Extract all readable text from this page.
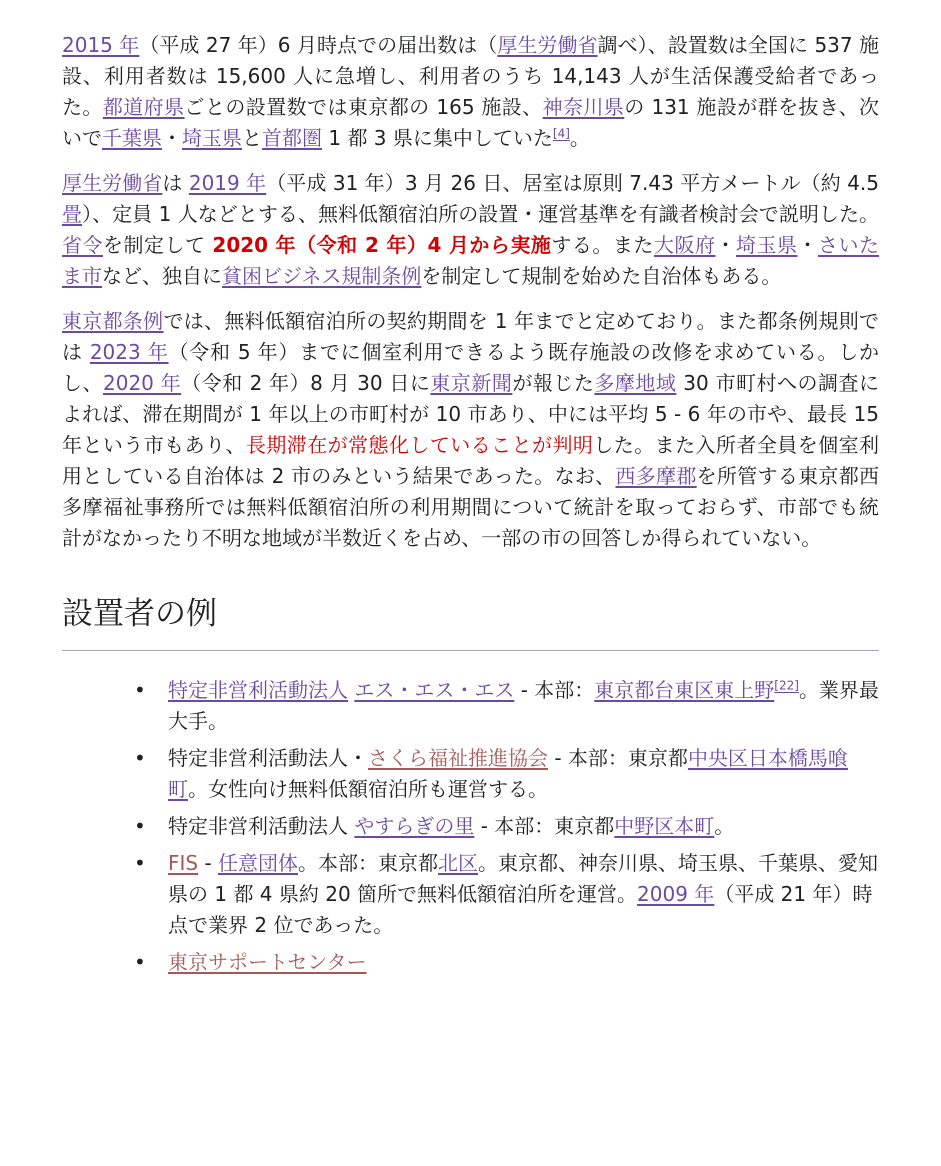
2015 年（平成 27 年）6 月時点での届出数は（厚生労働省調べ）、設置数は全国に 537 施設、利用者数は 15,600 人に急増し、利用者のうち 14,143 人が生活保護受給者であった。都道府県ごとの設置数では東京都の 165 施設、神奈川県の 131 施設が群を抜き、次いで千葉県・埼玉県と首都圏 1 都 3 県に集中していた[4]。

厚生労働省は 2019 年（平成 31 年）3 月 26 日、居室は原則 7.43 平方メートル（約 4.5 畳）、定員 1 人などとする、無料低額宿泊所の設置・運営基準を有識者検討会で説明した。省令を制定して 2020 年（令和 2 年）4 月から実施する。また大阪府・埼玉県・さいたま市など、独自に貧困ビジネス規制条例を制定して規制を始めた自治体もある。

東京都条例では、無料低額宿泊所の契約期間を 1 年までと定めており。また都条例規則では 2023 年（令和 5 年）までに個室利用できるよう既存施設の改修を求めている。しかし、2020 年（令和 2 年）8 月 30 日に東京新聞が報じた多摩地域 30 市町村への調査によれば、滞在期間が 1 年以上の市町村が 10 市あり、中には平均 5 - 6 年の市や、最長 15 年という市もあり、長期滞在が常態化していることが判明した。また入所者全員を個室利用としている自治体は 2 市のみという結果であった。なお、西多摩郡を所管する東京都西多摩福祉事務所では無料低額宿泊所の利用期間について統計を取っておらず、市部でも統計がなかったり不明な地域が半数近くを占め、一部の市の回答しか得られていない。

設置者の例
• 特定非営利活動法人 エス・エス・エス - 本部：東京都台東区東上野[22]。業界最大手。
• 特定非営利活動法人・さくら福祉推進協会 - 本部：東京都中央区日本橋馬喰町。女性向け無料低額宿泊所も運営する。
• 特定非営利活動法人 やすらぎの里 - 本部：東京都中野区本町。
• FIS - 任意団体。本部：東京都北区。東京都、神奈川県、埼玉県、千葉県、愛知県の 1 都 4 県約 20 箇所で無料低額宿泊所を運営。2009 年（平成 21 年）時点で業界 2 位であった。
• 東京サポートセンター
